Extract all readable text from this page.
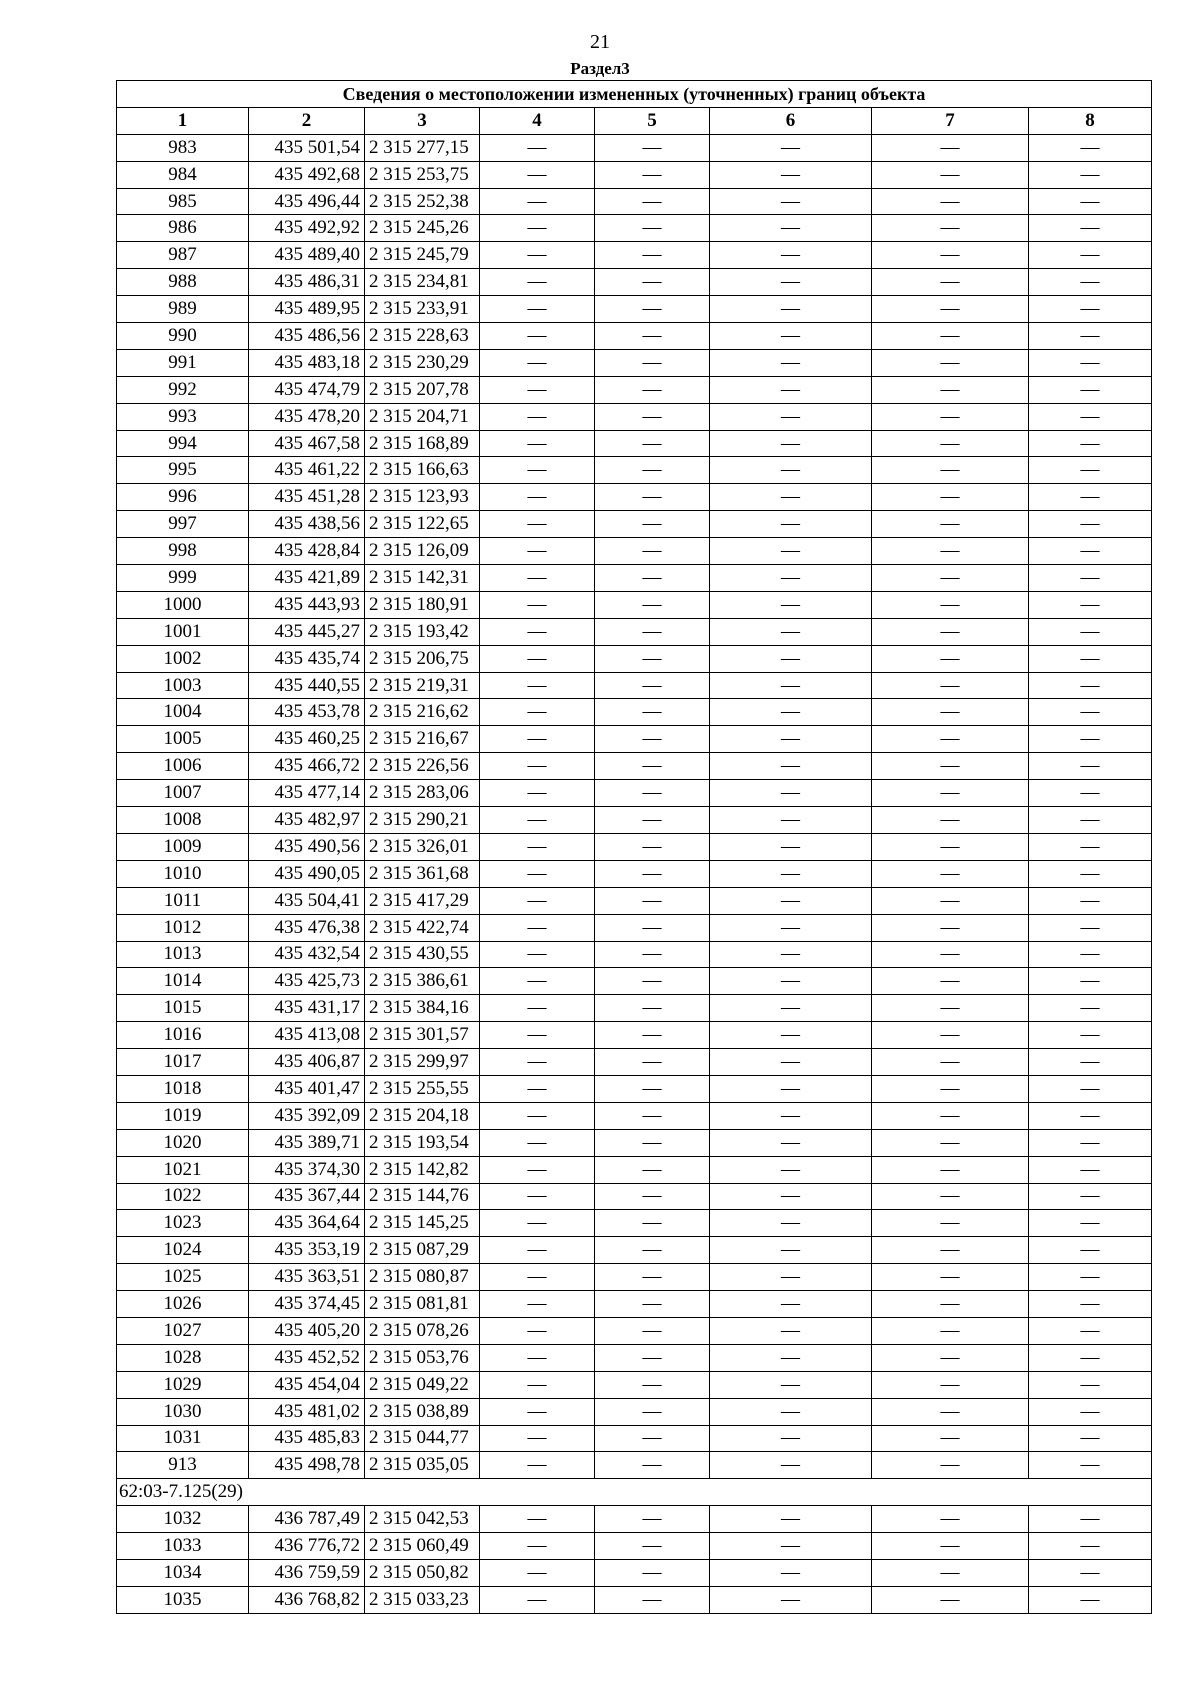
21
Раздел3
Сведения о местоположении измененных (уточненных) границ объекта							
1	2	3	4	5	6	7	8
983	435 501,54	2 315 277,15	—	—	—	—	—
984	435 492,68	2 315 253,75	—	—	—	—	—
985	435 496,44	2 315 252,38	—	—	—	—	—
986	435 492,92	2 315 245,26	—	—	—	—	—
987	435 489,40	2 315 245,79	—	—	—	—	—
988	435 486,31	2 315 234,81	—	—	—	—	—
989	435 489,95	2 315 233,91	—	—	—	—	—
990	435 486,56	2 315 228,63	—	—	—	—	—
991	435 483,18	2 315 230,29	—	—	—	—	—
992	435 474,79	2 315 207,78	—	—	—	—	—
993	435 478,20	2 315 204,71	—	—	—	—	—
994	435 467,58	2 315 168,89	—	—	—	—	—
995	435 461,22	2 315 166,63	—	—	—	—	—
996	435 451,28	2 315 123,93	—	—	—	—	—
997	435 438,56	2 315 122,65	—	—	—	—	—
998	435 428,84	2 315 126,09	—	—	—	—	—
999	435 421,89	2 315 142,31	—	—	—	—	—
1000	435 443,93	2 315 180,91	—	—	—	—	—
1001	435 445,27	2 315 193,42	—	—	—	—	—
1002	435 435,74	2 315 206,75	—	—	—	—	—
1003	435 440,55	2 315 219,31	—	—	—	—	—
1004	435 453,78	2 315 216,62	—	—	—	—	—
1005	435 460,25	2 315 216,67	—	—	—	—	—
1006	435 466,72	2 315 226,56	—	—	—	—	—
1007	435 477,14	2 315 283,06	—	—	—	—	—
1008	435 482,97	2 315 290,21	—	—	—	—	—
1009	435 490,56	2 315 326,01	—	—	—	—	—
1010	435 490,05	2 315 361,68	—	—	—	—	—
1011	435 504,41	2 315 417,29	—	—	—	—	—
1012	435 476,38	2 315 422,74	—	—	—	—	—
1013	435 432,54	2 315 430,55	—	—	—	—	—
1014	435 425,73	2 315 386,61	—	—	—	—	—
1015	435 431,17	2 315 384,16	—	—	—	—	—
1016	435 413,08	2 315 301,57	—	—	—	—	—
1017	435 406,87	2 315 299,97	—	—	—	—	—
1018	435 401,47	2 315 255,55	—	—	—	—	—
1019	435 392,09	2 315 204,18	—	—	—	—	—
1020	435 389,71	2 315 193,54	—	—	—	—	—
1021	435 374,30	2 315 142,82	—	—	—	—	—
1022	435 367,44	2 315 144,76	—	—	—	—	—
1023	435 364,64	2 315 145,25	—	—	—	—	—
1024	435 353,19	2 315 087,29	—	—	—	—	—
1025	435 363,51	2 315 080,87	—	—	—	—	—
1026	435 374,45	2 315 081,81	—	—	—	—	—
1027	435 405,20	2 315 078,26	—	—	—	—	—
1028	435 452,52	2 315 053,76	—	—	—	—	—
1029	435 454,04	2 315 049,22	—	—	—	—	—
1030	435 481,02	2 315 038,89	—	—	—	—	—
1031	435 485,83	2 315 044,77	—	—	—	—	—
913	435 498,78	2 315 035,05	—	—	—	—	—
62:03-7.125(29)							
1032	436 787,49	2 315 042,53	—	—	—	—	—
1033	436 776,72	2 315 060,49	—	—	—	—	—
1034	436 759,59	2 315 050,82	—	—	—	—	—
1035	436 768,82	2 315 033,23	—	—	—	—	—
